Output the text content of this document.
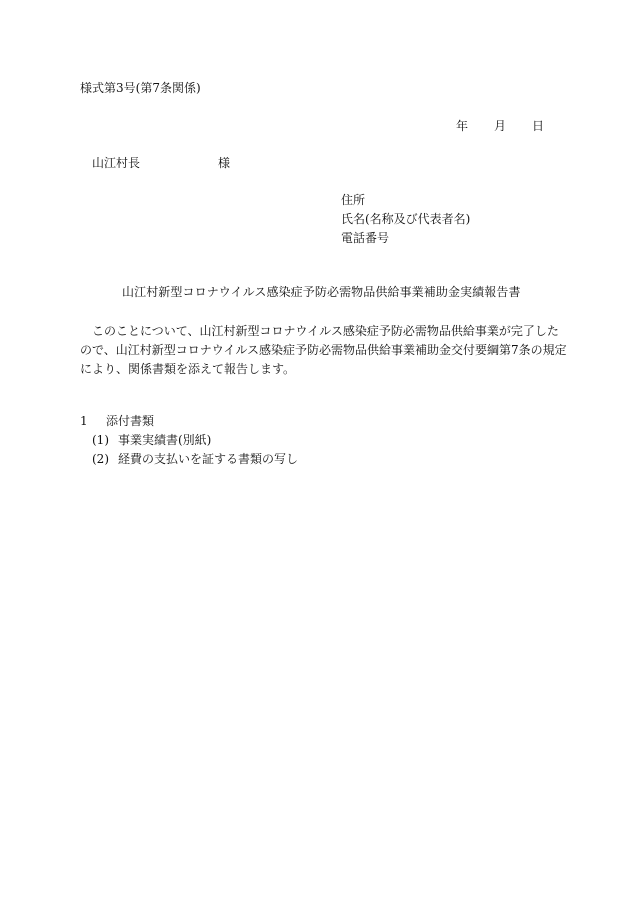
様式第3号(第7条関係)
年 月 日
山江村長	様
住所
氏名(名称及び代表者名)
電話番号
山江村新型コロナウイルス感染症予防必需物品供給事業補助金実績報告書

　このことについて、山江村新型コロナウイルス感染症予防必需物品供給事業が完了した

ので、山江村新型コロナウイルス感染症予防必需物品供給事業補助金交付要綱第7条の規定

により、関係書類を添えて報告します。

1 添付書類
(1) 事業実績書(別紙)
(2) 経費の支払いを証する書類の写し
